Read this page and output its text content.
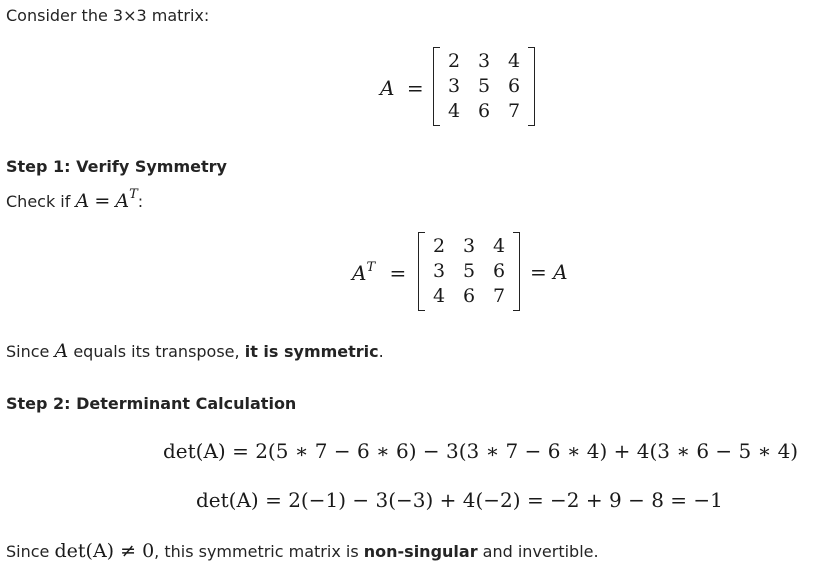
Consider the 3×3 matrix:
A =
2 3 4
3 5 6
4 6 7
Step 1: Verify Symmetry
Check if $A = A^T$:
$A^T$ =
2 3 4
3 5 6
4 6 7
= A
Since A equals its transpose, it is symmetric.
Step 2: Determinant Calculation
det(A) = 2(5 ∗ 7 − 6 ∗ 6) − 3(3 ∗ 7 − 6 ∗ 4) + 4(3 ∗ 6 − 5 ∗ 4)
det(A) = 2(−1) − 3(−3) + 4(−2) = −2 + 9 − 8 = −1
Since det(A) ≠ 0, this symmetric matrix is non-singular and invertible.
